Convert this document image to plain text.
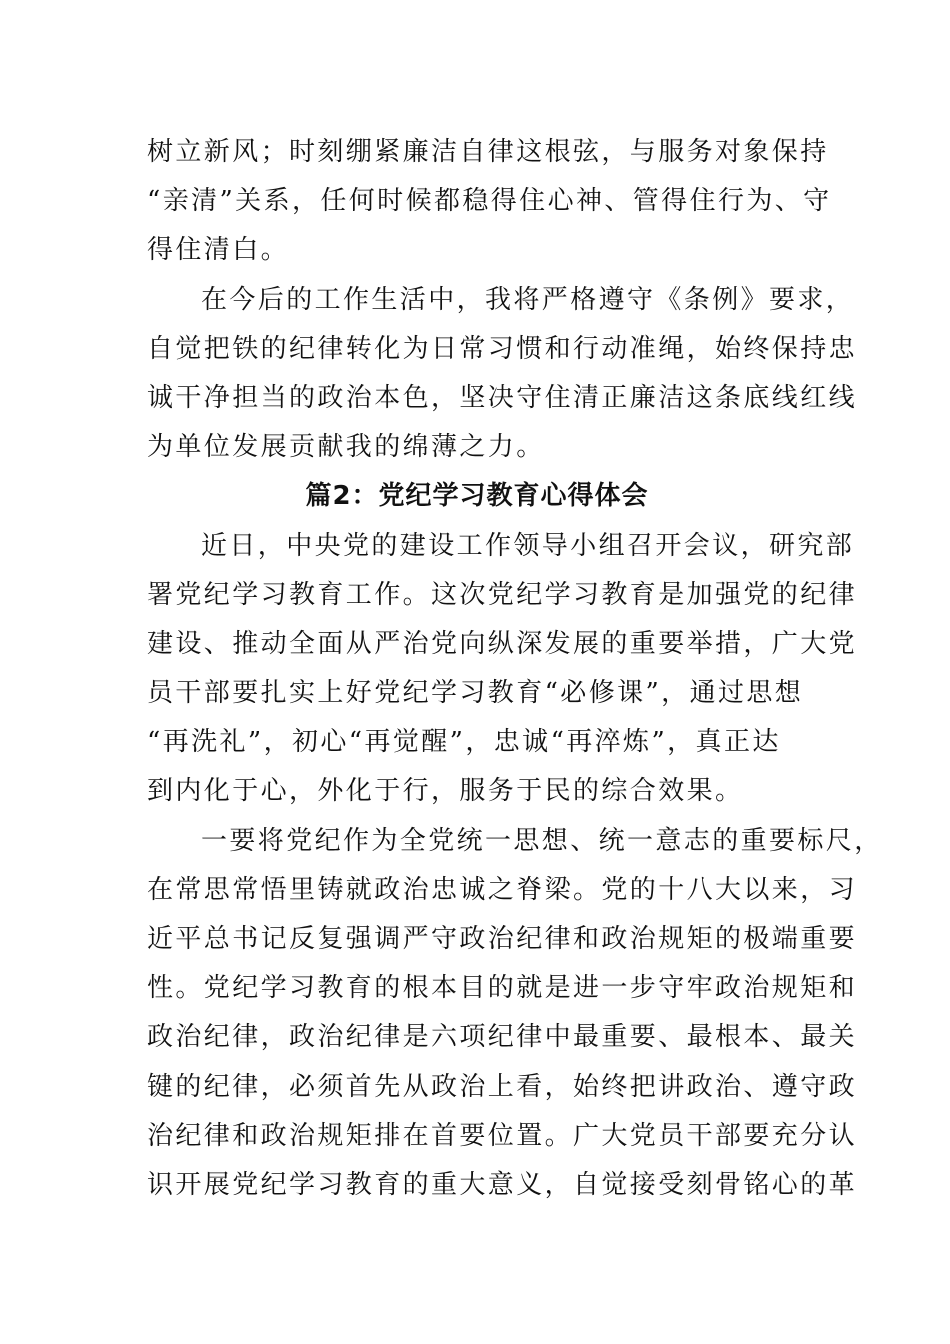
树立新风；时刻绷紧廉洁自律这根弦，与服务对象保持
“亲清”关系，任何时候都稳得住心神、管得住行为、守
得住清白。
在今后的工作生活中，我将严格遵守《条例》要求，
自觉把铁的纪律转化为日常习惯和行动准绳，始终保持忠
诚干净担当的政治本色，坚决守住清正廉洁这条底线红线
为单位发展贡献我的绵薄之力。
篇2：党纪学习教育心得体会
近日，中央党的建设工作领导小组召开会议，研究部
署党纪学习教育工作。这次党纪学习教育是加强党的纪律
建设、推动全面从严治党向纵深发展的重要举措，广大党
员干部要扎实上好党纪学习教育“必修课”，通过思想
“再洗礼”，初心“再觉醒”，忠诚“再淬炼”，真正达
到内化于心，外化于行，服务于民的综合效果。
一要将党纪作为全党统一思想、统一意志的重要标尺，
在常思常悟里铸就政治忠诚之脊梁。党的十八大以来，习
近平总书记反复强调严守政治纪律和政治规矩的极端重要
性。党纪学习教育的根本目的就是进一步守牢政治规矩和
政治纪律，政治纪律是六项纪律中最重要、最根本、最关
键的纪律，必须首先从政治上看，始终把讲政治、遵守政
治纪律和政治规矩排在首要位置。广大党员干部要充分认
识开展党纪学习教育的重大意义，自觉接受刻骨铭心的革
